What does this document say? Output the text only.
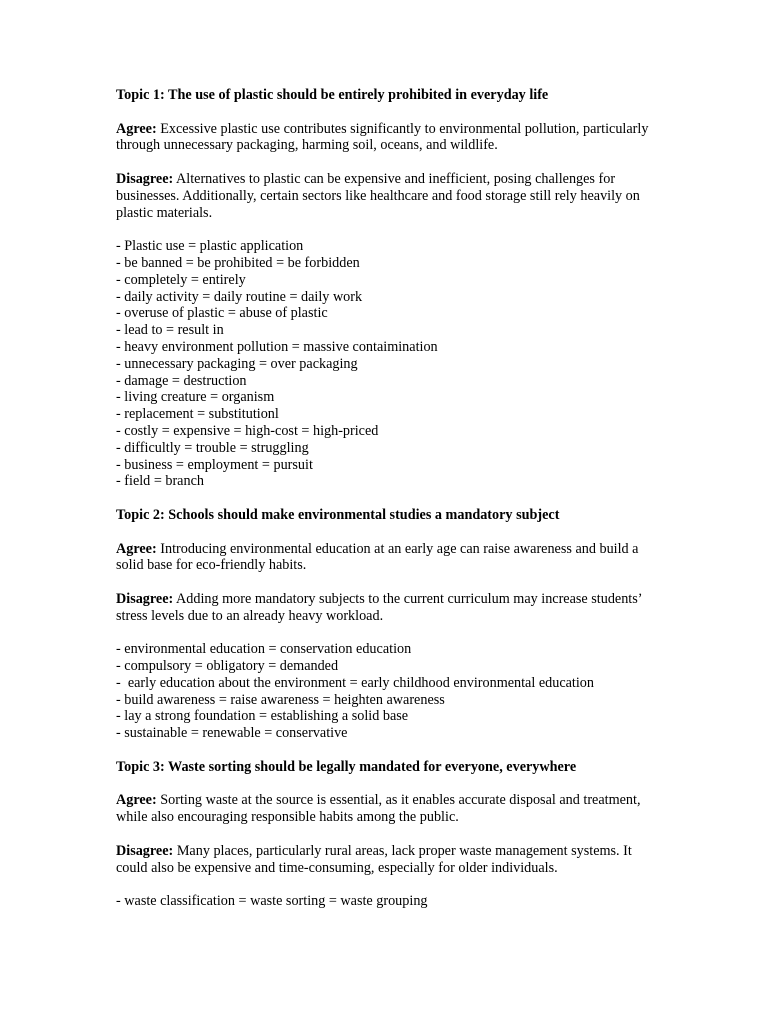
Topic 1: The use of plastic should be entirely prohibited in everyday life

Agree: Excessive plastic use contributes significantly to environmental pollution, particularly through unnecessary packaging, harming soil, oceans, and wildlife.

Disagree: Alternatives to plastic can be expensive and inefficient, posing challenges for businesses. Additionally, certain sectors like healthcare and food storage still rely heavily on plastic materials.

- Plastic use = plastic application
- be banned = be prohibited = be forbidden
- completely = entirely
- daily activity = daily routine = daily work
- overuse of plastic = abuse of plastic
- lead to = result in
- heavy environment pollution = massive contaimination
- unnecessary packaging = over packaging
- damage = destruction
- living creature = organism
- replacement = substitutionl
- costly = expensive = high-cost = high-priced
- difficultly = trouble = struggling
- business = employment = pursuit
- field = branch

Topic 2: Schools should make environmental studies a mandatory subject

Agree: Introducing environmental education at an early age can raise awareness and build a solid base for eco-friendly habits.

Disagree: Adding more mandatory subjects to the current curriculum may increase students’ stress levels due to an already heavy workload.

- environmental education = conservation education
- compulsory = obligatory = demanded
-  early education about the environment = early childhood environmental education
- build awareness = raise awareness = heighten awareness
- lay a strong foundation = establishing a solid base
- sustainable = renewable = conservative

Topic 3: Waste sorting should be legally mandated for everyone, everywhere

Agree: Sorting waste at the source is essential, as it enables accurate disposal and treatment, while also encouraging responsible habits among the public.

Disagree: Many places, particularly rural areas, lack proper waste management systems. It could also be expensive and time-consuming, especially for older individuals.

- waste classification = waste sorting = waste grouping
